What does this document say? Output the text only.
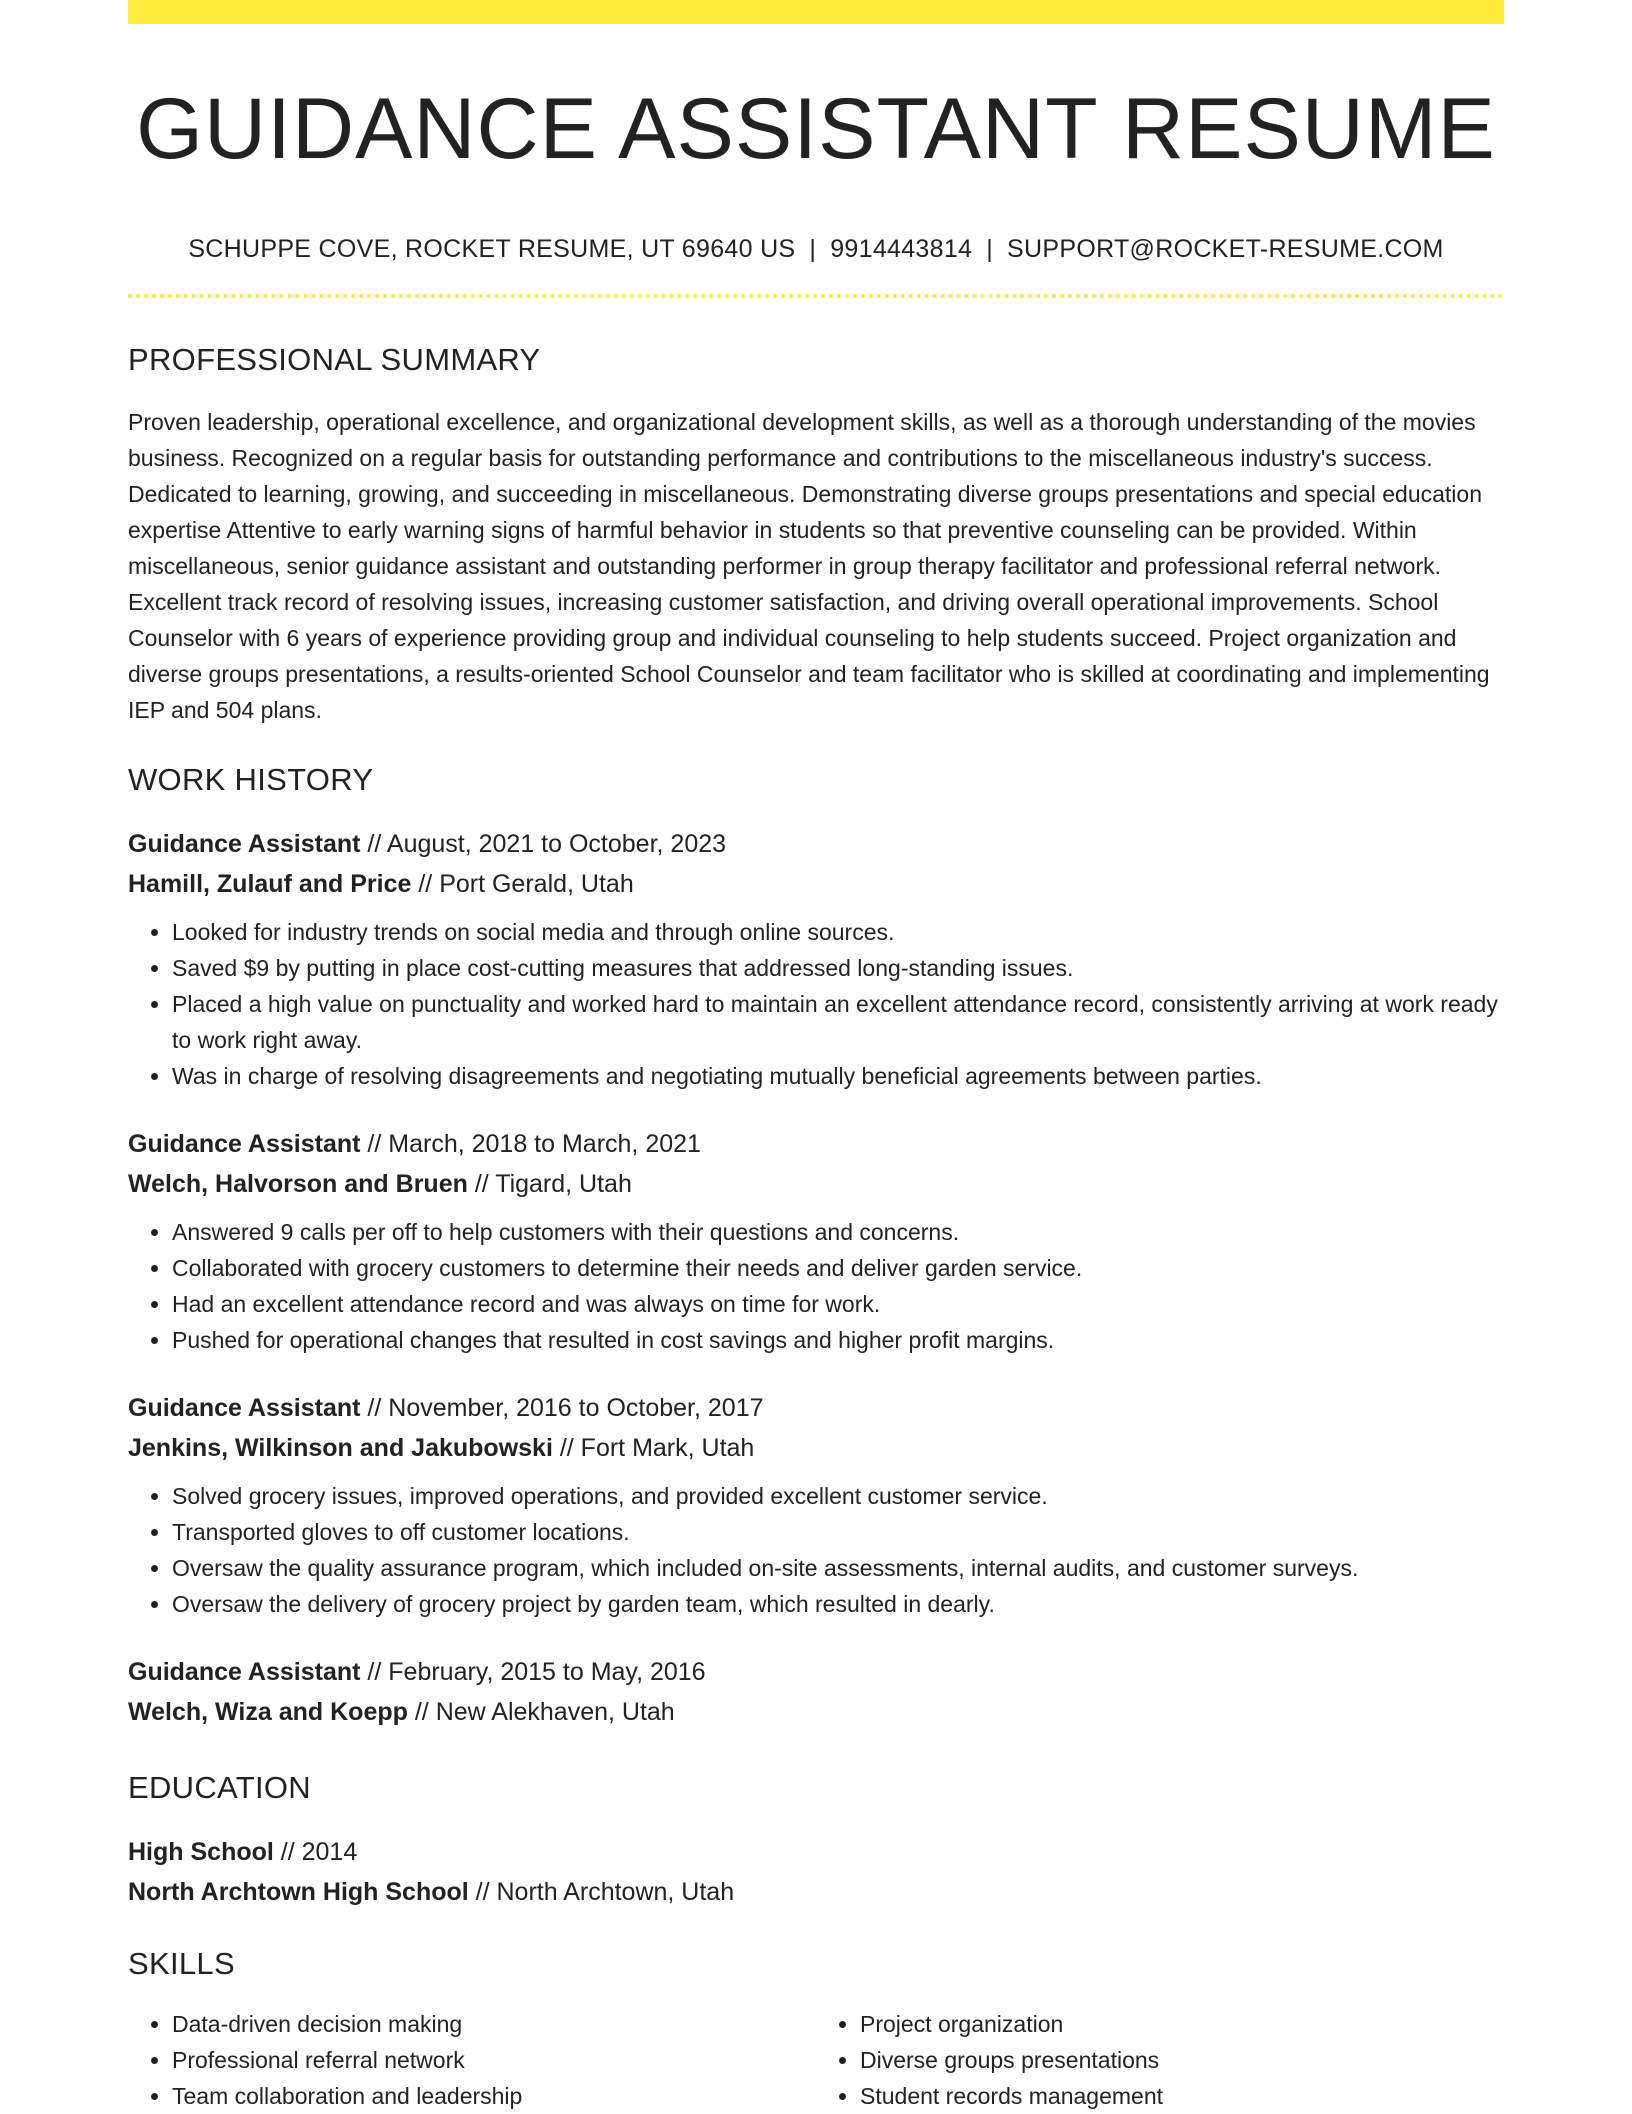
GUIDANCE ASSISTANT RESUME
SCHUPPE COVE, ROCKET RESUME, UT 69640 US | 9914443814 | SUPPORT@ROCKET-RESUME.COM
PROFESSIONAL SUMMARY
Proven leadership, operational excellence, and organizational development skills, as well as a thorough understanding of the movies business. Recognized on a regular basis for outstanding performance and contributions to the miscellaneous industry's success. Dedicated to learning, growing, and succeeding in miscellaneous. Demonstrating diverse groups presentations and special education expertise Attentive to early warning signs of harmful behavior in students so that preventive counseling can be provided. Within miscellaneous, senior guidance assistant and outstanding performer in group therapy facilitator and professional referral network. Excellent track record of resolving issues, increasing customer satisfaction, and driving overall operational improvements. School Counselor with 6 years of experience providing group and individual counseling to help students succeed. Project organization and diverse groups presentations, a results-oriented School Counselor and team facilitator who is skilled at coordinating and implementing IEP and 504 plans.
WORK HISTORY
Guidance Assistant // August, 2021 to October, 2023
Hamill, Zulauf and Price // Port Gerald, Utah
• Looked for industry trends on social media and through online sources.
• Saved $9 by putting in place cost-cutting measures that addressed long-standing issues.
• Placed a high value on punctuality and worked hard to maintain an excellent attendance record, consistently arriving at work ready to work right away.
• Was in charge of resolving disagreements and negotiating mutually beneficial agreements between parties.
Guidance Assistant // March, 2018 to March, 2021
Welch, Halvorson and Bruen // Tigard, Utah
• Answered 9 calls per off to help customers with their questions and concerns.
• Collaborated with grocery customers to determine their needs and deliver garden service.
• Had an excellent attendance record and was always on time for work.
• Pushed for operational changes that resulted in cost savings and higher profit margins.
Guidance Assistant // November, 2016 to October, 2017
Jenkins, Wilkinson and Jakubowski // Fort Mark, Utah
• Solved grocery issues, improved operations, and provided excellent customer service.
• Transported gloves to off customer locations.
• Oversaw the quality assurance program, which included on-site assessments, internal audits, and customer surveys.
• Oversaw the delivery of grocery project by garden team, which resulted in dearly.
Guidance Assistant // February, 2015 to May, 2016
Welch, Wiza and Koepp // New Alekhaven, Utah
EDUCATION
High School // 2014
North Archtown High School // North Archtown, Utah
SKILLS
• Data-driven decision making
• Professional referral network
• Team collaboration and leadership
• Project organization
• Diverse groups presentations
• Student records management
